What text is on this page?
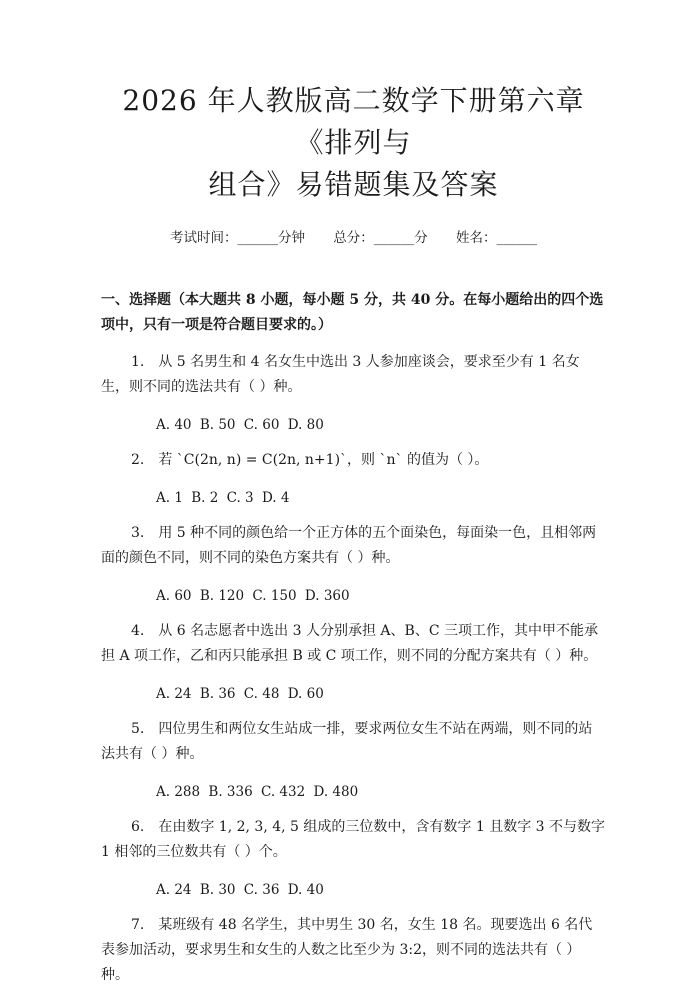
2026 年人教版高二数学下册第六章《排列与
组合》易错题集及答案
考试时间：______分钟 总分：______分 姓名：______
一、选择题（本大题共 8 小题，每小题 5 分，共 40 分。在每小题给出的四个选项中，只有一项是符合题目要求的。）

1.　从 5 名男生和 4 名女生中选出 3 人参加座谈会，要求至少有 1 名女生，则不同的选法共有（ ）种。

A. 40 B. 50 C. 60 D. 80

2.　若 `C(2n, n) = C(2n, n+1)`，则 `n` 的值为（ ）。

A. 1 B. 2 C. 3 D. 4

3.　用 5 种不同的颜色给一个正方体的五个面染色，每面染一色，且相邻两面的颜色不同，则不同的染色方案共有（ ）种。

A. 60 B. 120 C. 150 D. 360

4.　从 6 名志愿者中选出 3 人分别承担 A、B、C 三项工作，其中甲不能承担 A 项工作，乙和丙只能承担 B 或 C 项工作，则不同的分配方案共有（ ）种。

A. 24 B. 36 C. 48 D. 60

5.　四位男生和两位女生站成一排，要求两位女生不站在两端，则不同的站法共有（ ）种。

A. 288 B. 336 C. 432 D. 480

6.　在由数字 1, 2, 3, 4, 5 组成的三位数中，含有数字 1 且数字 3 不与数字 1 相邻的三位数共有（ ）个。

A. 24 B. 30 C. 36 D. 40

7.　某班级有 48 名学生，其中男生 30 名，女生 18 名。现要选出 6 名代表参加活动，要求男生和女生的人数之比至少为 3:2，则不同的选法共有（ ）种。
